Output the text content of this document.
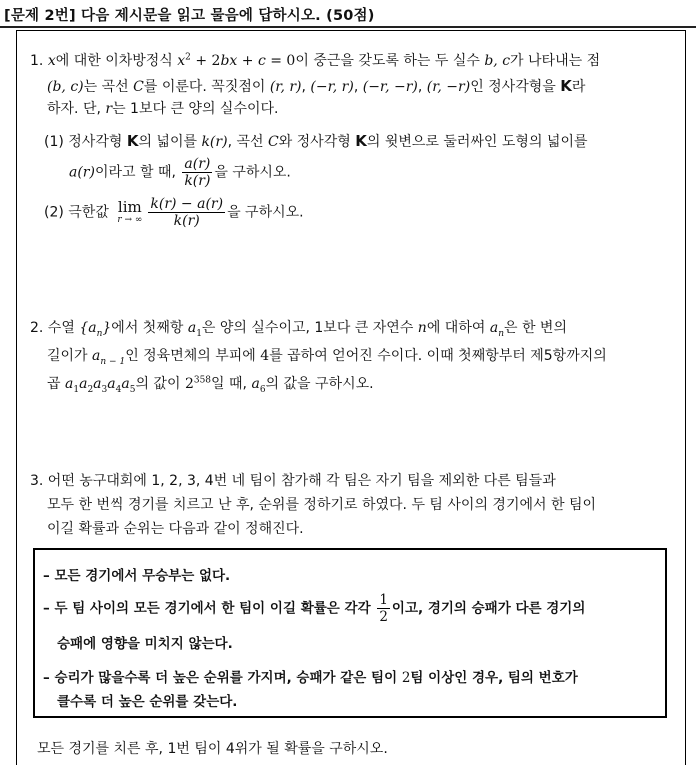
[문제 2번] 다음 제시문을 읽고 물음에 답하시오. (50점)
1. x에 대한 이차방정식 $x^2 + 2bx + c = 0$이 중근을 갖도록 하는 두 실수 b, c가 나타내는 점
(b, c)는 곡선 C를 이룬다. 꼭짓점이 (r, r), (−r, r), (−r, −r), (r, −r)인 정사각형을 K라
하자. 단, r는 1보다 큰 양의 실수이다.
(1) 정사각형 K의 넓이를 k(r), 곡선 C와 정사각형 K의 윗변으로 둘러싸인 도형의 넓이를
a(r)이라고 할 때, $\frac{a(r)}{k(r)}$ 을 구하시오.
(2) 극한값 lim
r → ∞ $\frac{k(r) - a(r)}{k(r)}$ 을 구하시오.
2. 수열 $\{a_n\}$에서 첫째항 $a_1$은 양의 실수이고, 1보다 큰 자연수 n에 대하여 $a_n$은 한 변의
길이가 $a_{n - 1}$인 정육면체의 부피에 4를 곱하여 얻어진 수이다. 이때 첫째항부터 제5항까지의
곱 $a_1a_2a_3a_4a_5$의 값이 $2^{358}$일 때, $a_6$의 값을 구하시오.
3. 어떤 농구대회에 1, 2, 3, 4번 네 팀이 참가해 각 팀은 자기 팀을 제외한 다른 팀들과
모두 한 번씩 경기를 치르고 난 후, 순위를 정하기로 하였다. 두 팀 사이의 경기에서 한 팀이
이길 확률과 순위는 다음과 같이 정해진다.
– 모든 경기에서 무승부는 없다.
– 두 팀 사이의 모든 경기에서 한 팀이 이길 확률은 각각 $\frac{1}{2}$ 이고, 경기의 승패가 다른 경기의
승패에 영향을 미치지 않는다.
– 승리가 많을수록 더 높은 순위를 가지며, 승패가 같은 팀이 2팀 이상인 경우, 팀의 번호가
클수록 더 높은 순위를 갖는다.
모든 경기를 치른 후, 1번 팀이 4위가 될 확률을 구하시오.
